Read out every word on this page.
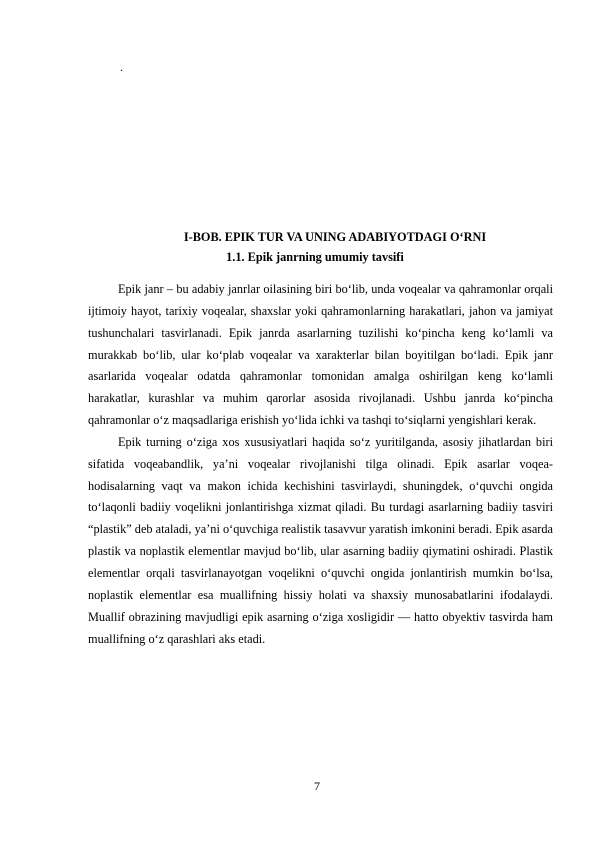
.
I-BOB. EPIK TUR VA UNING ADABIYOTDAGI O‘RNI
1.1. Epik janrning umumiy tavsifi

Epik janr – bu adabiy janrlar oilasining biri bo‘lib, unda voqealar va qahramonlar orqali ijtimoiy hayot, tarixiy voqealar, shaxslar yoki qahramonlarning harakatlari, jahon va jamiyat tushunchalari tasvirlanadi. Epik janrda asarlarning tuzilishi ko‘pincha keng ko‘lamli va murakkab bo‘lib, ular ko‘plab voqealar va xarakterlar bilan boyitilgan bo‘ladi. Epik janr asarlarida voqealar odatda qahramonlar tomonidan amalga oshirilgan keng ko‘lamli harakatlar, kurashlar va muhim qarorlar asosida rivojlanadi. Ushbu janrda ko‘pincha qahramonlar o‘z maqsadlariga erishish yo‘lida ichki va tashqi to‘siqlarni yengishlari kerak.

Epik turning o‘ziga xos xususiyatlari haqida so‘z yuritilganda, asosiy jihatlardan biri sifatida voqeabandlik, ya’ni voqealar rivojlanishi tilga olinadi. Epik asarlar voqea-hodisalarning vaqt va makon ichida kechishini tasvirlaydi, shuningdek, o‘quvchi ongida to‘laqonli badiiy voqelikni jonlantirishga xizmat qiladi. Bu turdagi asarlarning badiiy tasviri “plastik” deb ataladi, ya’ni o‘quvchiga realistik tasavvur yaratish imkonini beradi. Epik asarda plastik va noplastik elementlar mavjud bo‘lib, ular asarning badiiy qiymatini oshiradi. Plastik elementlar orqali tasvirlanayotgan voqelikni o‘quvchi ongida jonlantirish mumkin bo‘lsa, noplastik elementlar esa muallifning hissiy holati va shaxsiy munosabatlarini ifodalaydi. Muallif obrazining mavjudligi epik asarning o‘ziga xosligidir — hatto obyektiv tasvirda ham muallifning o‘z qarashlari aks etadi.

7
